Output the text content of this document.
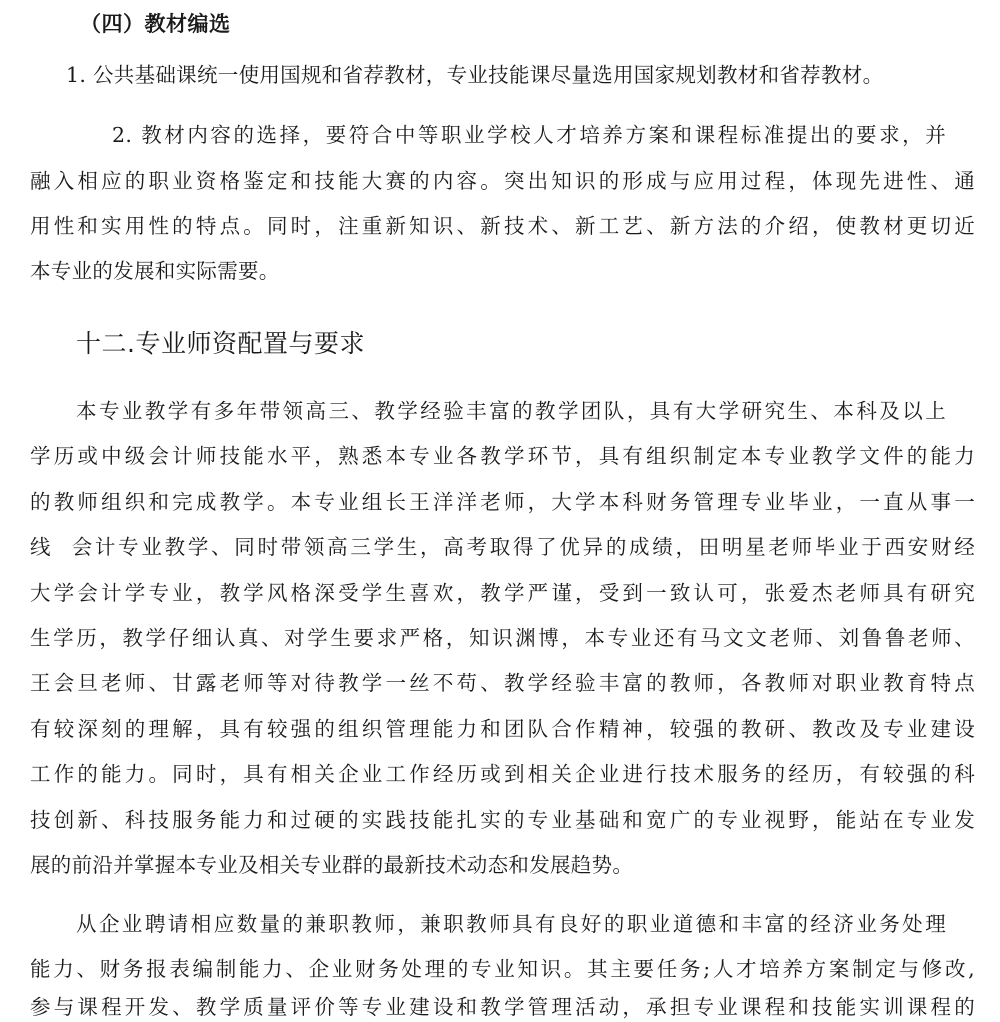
（四）教材编选
1. 公共基础课统一使用国规和省荐教材，专业技能课尽量选用国家规划教材和省荐教材。
2. 教材内容的选择，要符合中等职业学校人才培养方案和课程标准提出的要求，并
融入相应的职业资格鉴定和技能大赛的内容。突出知识的形成与应用过程，体现先进性、通
用性和实用性的特点。同时，注重新知识、新技术、新工艺、新方法的介绍，使教材更切近
本专业的发展和实际需要。
十二.专业师资配置与要求
本专业教学有多年带领高三、教学经验丰富的教学团队，具有大学研究生、本科及以上
学历或中级会计师技能水平，熟悉本专业各教学环节，具有组织制定本专业教学文件的能力
的教师组织和完成教学。本专业组长王洋洋老师，大学本科财务管理专业毕业，一直从事一
线  会计专业教学、同时带领高三学生，高考取得了优异的成绩，田明星老师毕业于西安财经
大学会计学专业，教学风格深受学生喜欢，教学严谨，受到一致认可，张爱杰老师具有研究
生学历，教学仔细认真、对学生要求严格，知识渊博，本专业还有马文文老师、刘鲁鲁老师、
王会旦老师、甘露老师等对待教学一丝不苟、教学经验丰富的教师，各教师对职业教育特点
有较深刻的理解，具有较强的组织管理能力和团队合作精神，较强的教研、教改及专业建设
工作的能力。同时，具有相关企业工作经历或到相关企业进行技术服务的经历，有较强的科
技创新、科技服务能力和过硬的实践技能扎实的专业基础和宽广的专业视野，能站在专业发
展的前沿并掌握本专业及相关专业群的最新技术动态和发展趋势。
从企业聘请相应数量的兼职教师，兼职教师具有良好的职业道德和丰富的经济业务处理
能力、财务报表编制能力、企业财务处理的专业知识。其主要任务;人才培养方案制定与修改,
参与课程开发、教学质量评价等专业建设和教学管理活动，承担专业课程和技能实训课程的
